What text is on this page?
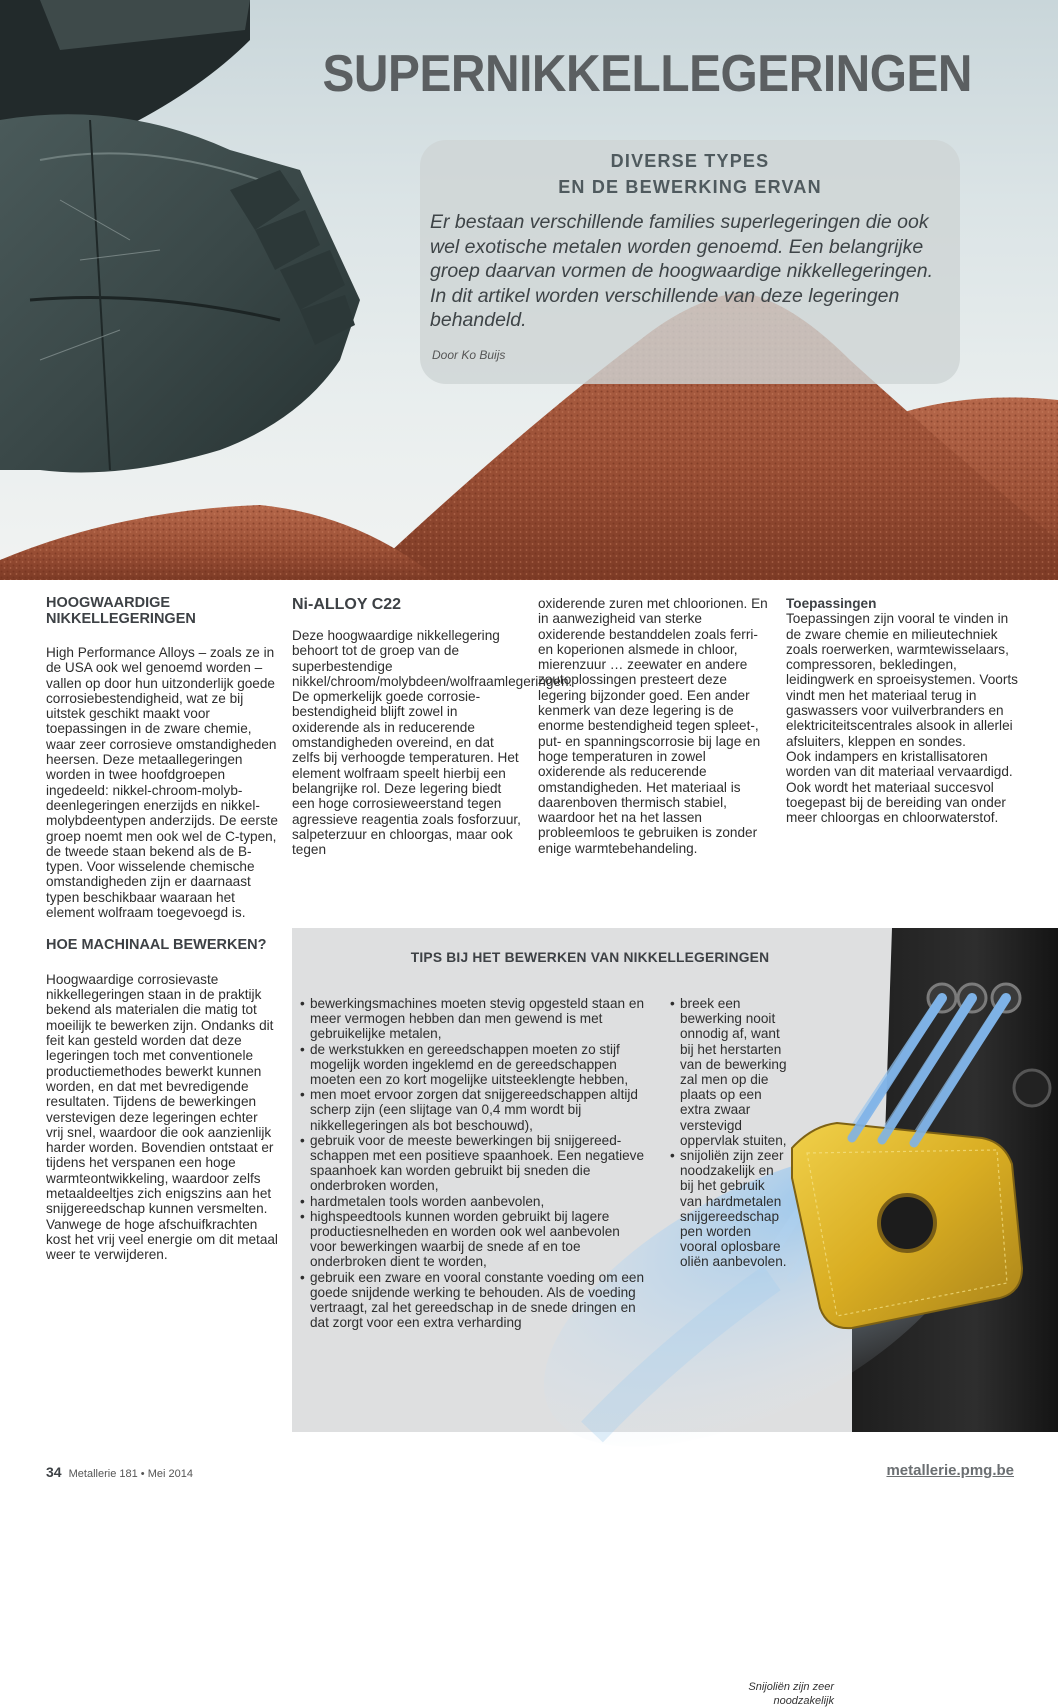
SUPERNIKKELLEGERINGEN

DIVERSE TYPES
EN DE BEWERKING ERVAN

Er bestaan verschillende families superlegeringen die ook wel exotische metalen worden genoemd. Een belangrijke groep daarvan vormen de hoogwaardige nikkellegeringen. In dit artikel worden verschillende van deze legeringen behandeld.

Door Ko Buijs

HOOGWAARDIGE NIKKELLEGERINGEN

High Performance Alloys – zoals ze in de USA ook wel genoemd worden – vallen op door hun uitzonderlijk goede corrosiebestendigheid, wat ze bij uitstek geschikt maakt voor toepassingen in de zware chemie, waar zeer corrosieve omstandigheden heersen. Deze metaallegeringen worden in twee hoofdgroepen ingedeeld: nikkel-chroom-molybdeenlegeringen enerzijds en nikkel-molybdeentypen anderzijds. De eerste groep noemt men ook wel de C-typen, de tweede staan bekend als de B-typen. Voor wisselende chemische omstandigheden zijn er daarnaast typen beschikbaar waaraan het element wolfraam toegevoegd is.

HOE MACHINAAL BEWERKEN?

Hoogwaardige corrosievaste nikkellegeringen staan in de praktijk bekend als materialen die matig tot moeilijk te bewerken zijn. Ondanks dit feit kan gesteld worden dat deze legeringen toch met conventionele productiemethodes bewerkt kunnen worden, en dat met bevredigende resultaten. Tijdens de bewerkingen verstevigen deze legeringen echter vrij snel, waardoor die ook aanzienlijk harder worden. Bovendien ontstaat er tijdens het verspanen een hoge warmteontwikkeling, waardoor zelfs metaaldeeltjes zich enigszins aan het snijgereedschap kunnen versmelten. Vanwege de hoge afschuifkrachten kost het vrij veel energie om dit metaal weer te verwijderen.

Ni-ALLOY C22

Deze hoogwaardige nikkellegering behoort tot de groep van de superbestendige nikkel/chroom/molybdeen/wolfraamlegeringen. De opmerkelijk goede corrosiebestendigheid blijft zowel in oxiderende als in reducerende omstandigheden overeind, en dat zelfs bij verhoogde temperaturen. Het element wolfraam speelt hierbij een belangrijke rol. Deze legering biedt een hoge corrosieweerstand tegen agressieve reagentia zoals fosforzuur, salpeterzuur en chloorgas, maar ook tegen

oxiderende zuren met chloorionen. En in aanwezigheid van sterke oxiderende bestanddelen zoals ferri- en koperionen alsmede in chloor, mierenzuur … zeewater en andere zoutoplossingen presteert deze legering bijzonder goed. Een ander kenmerk van deze legering is de enorme bestendigheid tegen spleet-, put- en spanningscorrosie bij lage en hoge temperaturen in zowel oxiderende als reducerende omstandigheden. Het materiaal is daarenboven thermisch stabiel, waardoor het na het lassen probleemloos te gebruiken is zonder enige warmtebehandeling.

Toepassingen

Toepassingen zijn vooral te vinden in de zware chemie en milieutechniek zoals roerwerken, warmtewisselaars, compressoren, bekledingen, leidingwerk en sproeisystemen. Voorts vindt men het materiaal terug in gaswassers voor vuilverbranders en elektriciteitscentrales alsook in allerlei afsluiters, kleppen en sondes.

Ook indampers en kristallisatoren worden van dit materiaal vervaardigd. Ook wordt het materiaal succesvol toegepast bij de bereiding van onder meer chloorgas en chloorwaterstof.

TIPS BIJ HET BEWERKEN VAN NIKKELLEGERINGEN

• bewerkingsmachines moeten stevig opgesteld staan en meer vermogen hebben dan men gewend is met gebruikelijke metalen,
• de werkstukken en gereedschappen moeten zo stijf mogelijk worden ingeklemd en de gereedschappen moeten een zo kort mogelijke uitsteeklengte hebben,
• men moet ervoor zorgen dat snijgereedschappen altijd scherp zijn (een slijtage van 0,4 mm wordt bij nikkellegeringen als bot beschouwd),
• gebruik voor de meeste bewerkingen bij snijgereedschappen met een positieve spaanhoek. Een negatieve spaanhoek kan worden gebruikt bij sneden die onderbroken worden,
• hardmetalen tools worden aanbevolen,
• highspeedtools kunnen worden gebruikt bij lagere productiesnelheden en worden ook wel aanbevolen voor bewerkingen waarbij de snede af en toe onderbroken dient te worden,
• gebruik een zware en vooral constante voeding om een goede snijdende werking te behouden. Als de voeding vertraagt, zal het gereedschap in de snede dringen en dat zorgt voor een extra verharding
• breek een bewerking nooit onnodig af, want bij het herstarten van de bewerking zal men op die plaats op een extra zwaar verstevigd oppervlak stuiten,
• snijoliën zijn zeer noodzakelijk en bij het gebruik van hardmetalen snijgereedschap pen worden vooral oplosbare oliën aanbevolen.

Snijoliën zijn zeer noodzakelijk

34 Metallerie 181 • Mei 2014	metallerie.pmg.be
